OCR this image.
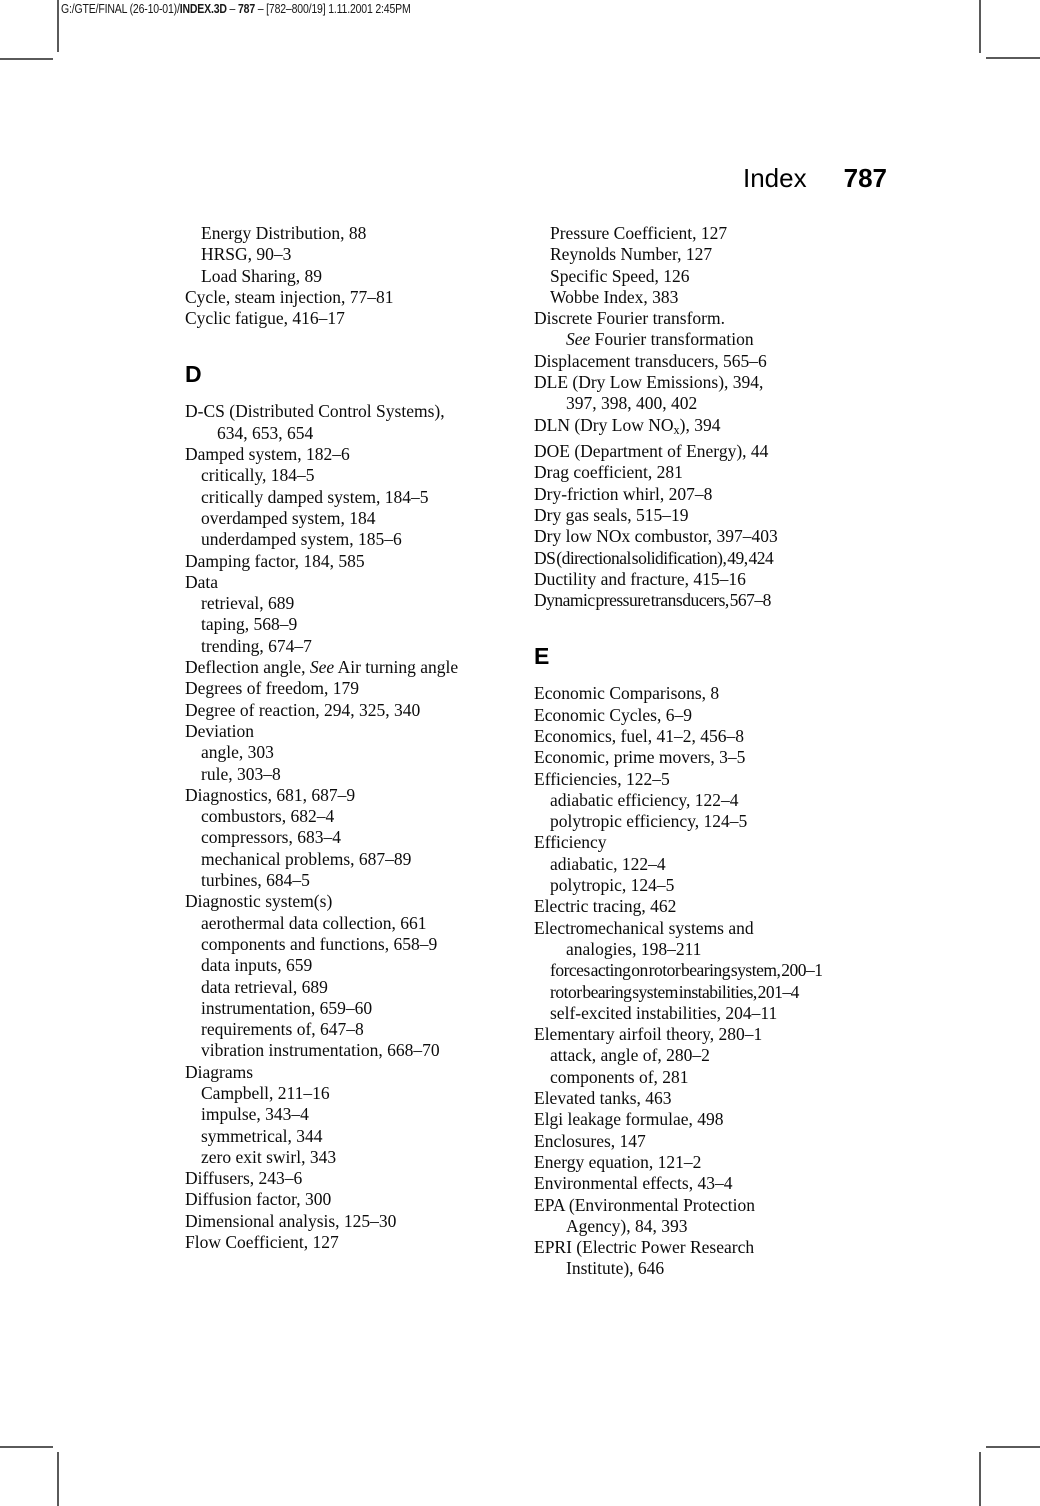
G:/GTE/FINAL (26-10-01)/INDEX.3D – 787 – [782–800/19] 1.11.2001 2:45PM
Index 787
Energy Distribution, 88
HRSG, 90–3
Load Sharing, 89
Cycle, steam injection, 77–81
Cyclic fatigue, 416–17
D
D-CS (Distributed Control Systems),
634, 653, 654
Damped system, 182–6
critically, 184–5
critically damped system, 184–5
overdamped system, 184
underdamped system, 185–6
Damping factor, 184, 585
Data
retrieval, 689
taping, 568–9
trending, 674–7
Deflection angle, See Air turning angle
Degrees of freedom, 179
Degree of reaction, 294, 325, 340
Deviation
angle, 303
rule, 303–8
Diagnostics, 681, 687–9
combustors, 682–4
compressors, 683–4
mechanical problems, 687–89
turbines, 684–5
Diagnostic system(s)
aerothermal data collection, 661
components and functions, 658–9
data inputs, 659
data retrieval, 689
instrumentation, 659–60
requirements of, 647–8
vibration instrumentation, 668–70
Diagrams
Campbell, 211–16
impulse, 343–4
symmetrical, 344
zero exit swirl, 343
Diffusers, 243–6
Diffusion factor, 300
Dimensional analysis, 125–30
Flow Coefficient, 127
Pressure Coefficient, 127
Reynolds Number, 127
Specific Speed, 126
Wobbe Index, 383
Discrete Fourier transform.
See Fourier transformation
Displacement transducers, 565–6
DLE (Dry Low Emissions), 394,
397, 398, 400, 402
DLN (Dry Low NOx), 394
DOE (Department of Energy), 44
Drag coefficient, 281
Dry-friction whirl, 207–8
Dry gas seals, 515–19
Dry low NOx combustor, 397–403
DS (directional solidification), 49, 424
Ductility and fracture, 415–16
Dynamic pressure transducers, 567–8
E
Economic Comparisons, 8
Economic Cycles, 6–9
Economics, fuel, 41–2, 456–8
Economic, prime movers, 3–5
Efficiencies, 122–5
adiabatic efficiency, 122–4
polytropic efficiency, 124–5
Efficiency
adiabatic, 122–4
polytropic, 124–5
Electric tracing, 462
Electromechanical systems and
analogies, 198–211
forces acting on rotor bearing system, 200–1
rotor bearing system instabilities, 201–4
self-excited instabilities, 204–11
Elementary airfoil theory, 280–1
attack, angle of, 280–2
components of, 281
Elevated tanks, 463
Elgi leakage formulae, 498
Enclosures, 147
Energy equation, 121–2
Environmental effects, 43–4
EPA (Environmental Protection
Agency), 84, 393
EPRI (Electric Power Research
Institute), 646
